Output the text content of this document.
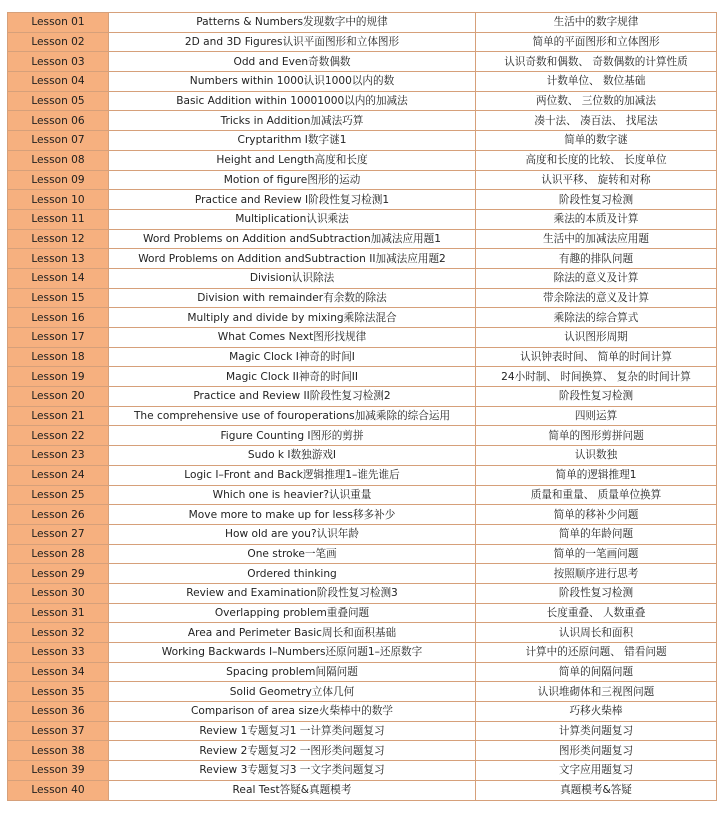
Lesson 01	Patterns & Numbers发现数字中的规律	生活中的数字规律
Lesson 02	2D and 3D Figures认识平面图形和立体图形	简单的平面图形和立体图形
Lesson 03	Odd and Even奇数偶数	认识奇数和偶数、 奇数偶数的计算性质
Lesson 04	Numbers within 1000认识1000以内的数	计数单位、 数位基础
Lesson 05	Basic Addition within 10001000以内的加减法	两位数、 三位数的加减法
Lesson 06	Tricks in Addition加减法巧算	凑十法、 凑百法、 找尾法
Lesson 07	Cryptarithm I数字谜1	简单的数字谜
Lesson 08	Height and Length高度和长度	高度和长度的比较、 长度单位
Lesson 09	Motion of figure图形的运动	认识平移、 旋转和对称
Lesson 10	Practice and Review I阶段性复习检测1	阶段性复习检测
Lesson 11	Multiplication认识乘法	乘法的本质及计算
Lesson 12	Word Problems on Addition andSubtraction加减法应用题1	生活中的加减法应用题
Lesson 13	Word Problems on Addition andSubtraction II加减法应用题2	有趣的排队问题
Lesson 14	Division认识除法	除法的意义及计算
Lesson 15	Division with remainder有余数的除法	带余除法的意义及计算
Lesson 16	Multiply and divide by mixing乘除法混合	乘除法的综合算式
Lesson 17	What Comes Next图形找规律	认识图形周期
Lesson 18	Magic Clock I神奇的时间I	认识钟表时间、 简单的时间计算
Lesson 19	Magic Clock II神奇的时间II	24小时制、 时间换算、 复杂的时间计算
Lesson 20	Practice and Review II阶段性复习检测2	阶段性复习检测
Lesson 21	The comprehensive use of fouroperations加减乘除的综合运用	四则运算
Lesson 22	Figure Counting I图形的剪拼	简单的图形剪拼问题
Lesson 23	Sudo k I数独游戏I	认识数独
Lesson 24	Logic I–Front and Back逻辑推理1–谁先谁后	简单的逻辑推理1
Lesson 25	Which one is heavier?认识重量	质量和重量、 质量单位换算
Lesson 26	Move more to make up for less移多补少	简单的移补少问题
Lesson 27	How old are you?认识年龄	简单的年龄问题
Lesson 28	One stroke一笔画	简单的一笔画问题
Lesson 29	Ordered thinking	按照顺序进行思考
Lesson 30	Review and Examination阶段性复习检测3	阶段性复习检测
Lesson 31	Overlapping problem重叠问题	长度重叠、 人数重叠
Lesson 32	Area and Perimeter Basic周长和面积基础	认识周长和面积
Lesson 33	Working Backwards I–Numbers还原问题1–还原数字	计算中的还原问题、 错看问题
Lesson 34	Spacing problem间隔问题	简单的间隔问题
Lesson 35	Solid Geometry立体几何	认识堆砌体和三视图问题
Lesson 36	Comparison of area size火柴棒中的数学	巧移火柴棒
Lesson 37	Review 1专题复习1 一计算类问题复习	计算类问题复习
Lesson 38	Review 2专题复习2 一图形类问题复习	图形类问题复习
Lesson 39	Review 3专题复习3 一文字类问题复习	文字应用题复习
Lesson 40	Real Test答疑&真题模考	真题模考&答疑
